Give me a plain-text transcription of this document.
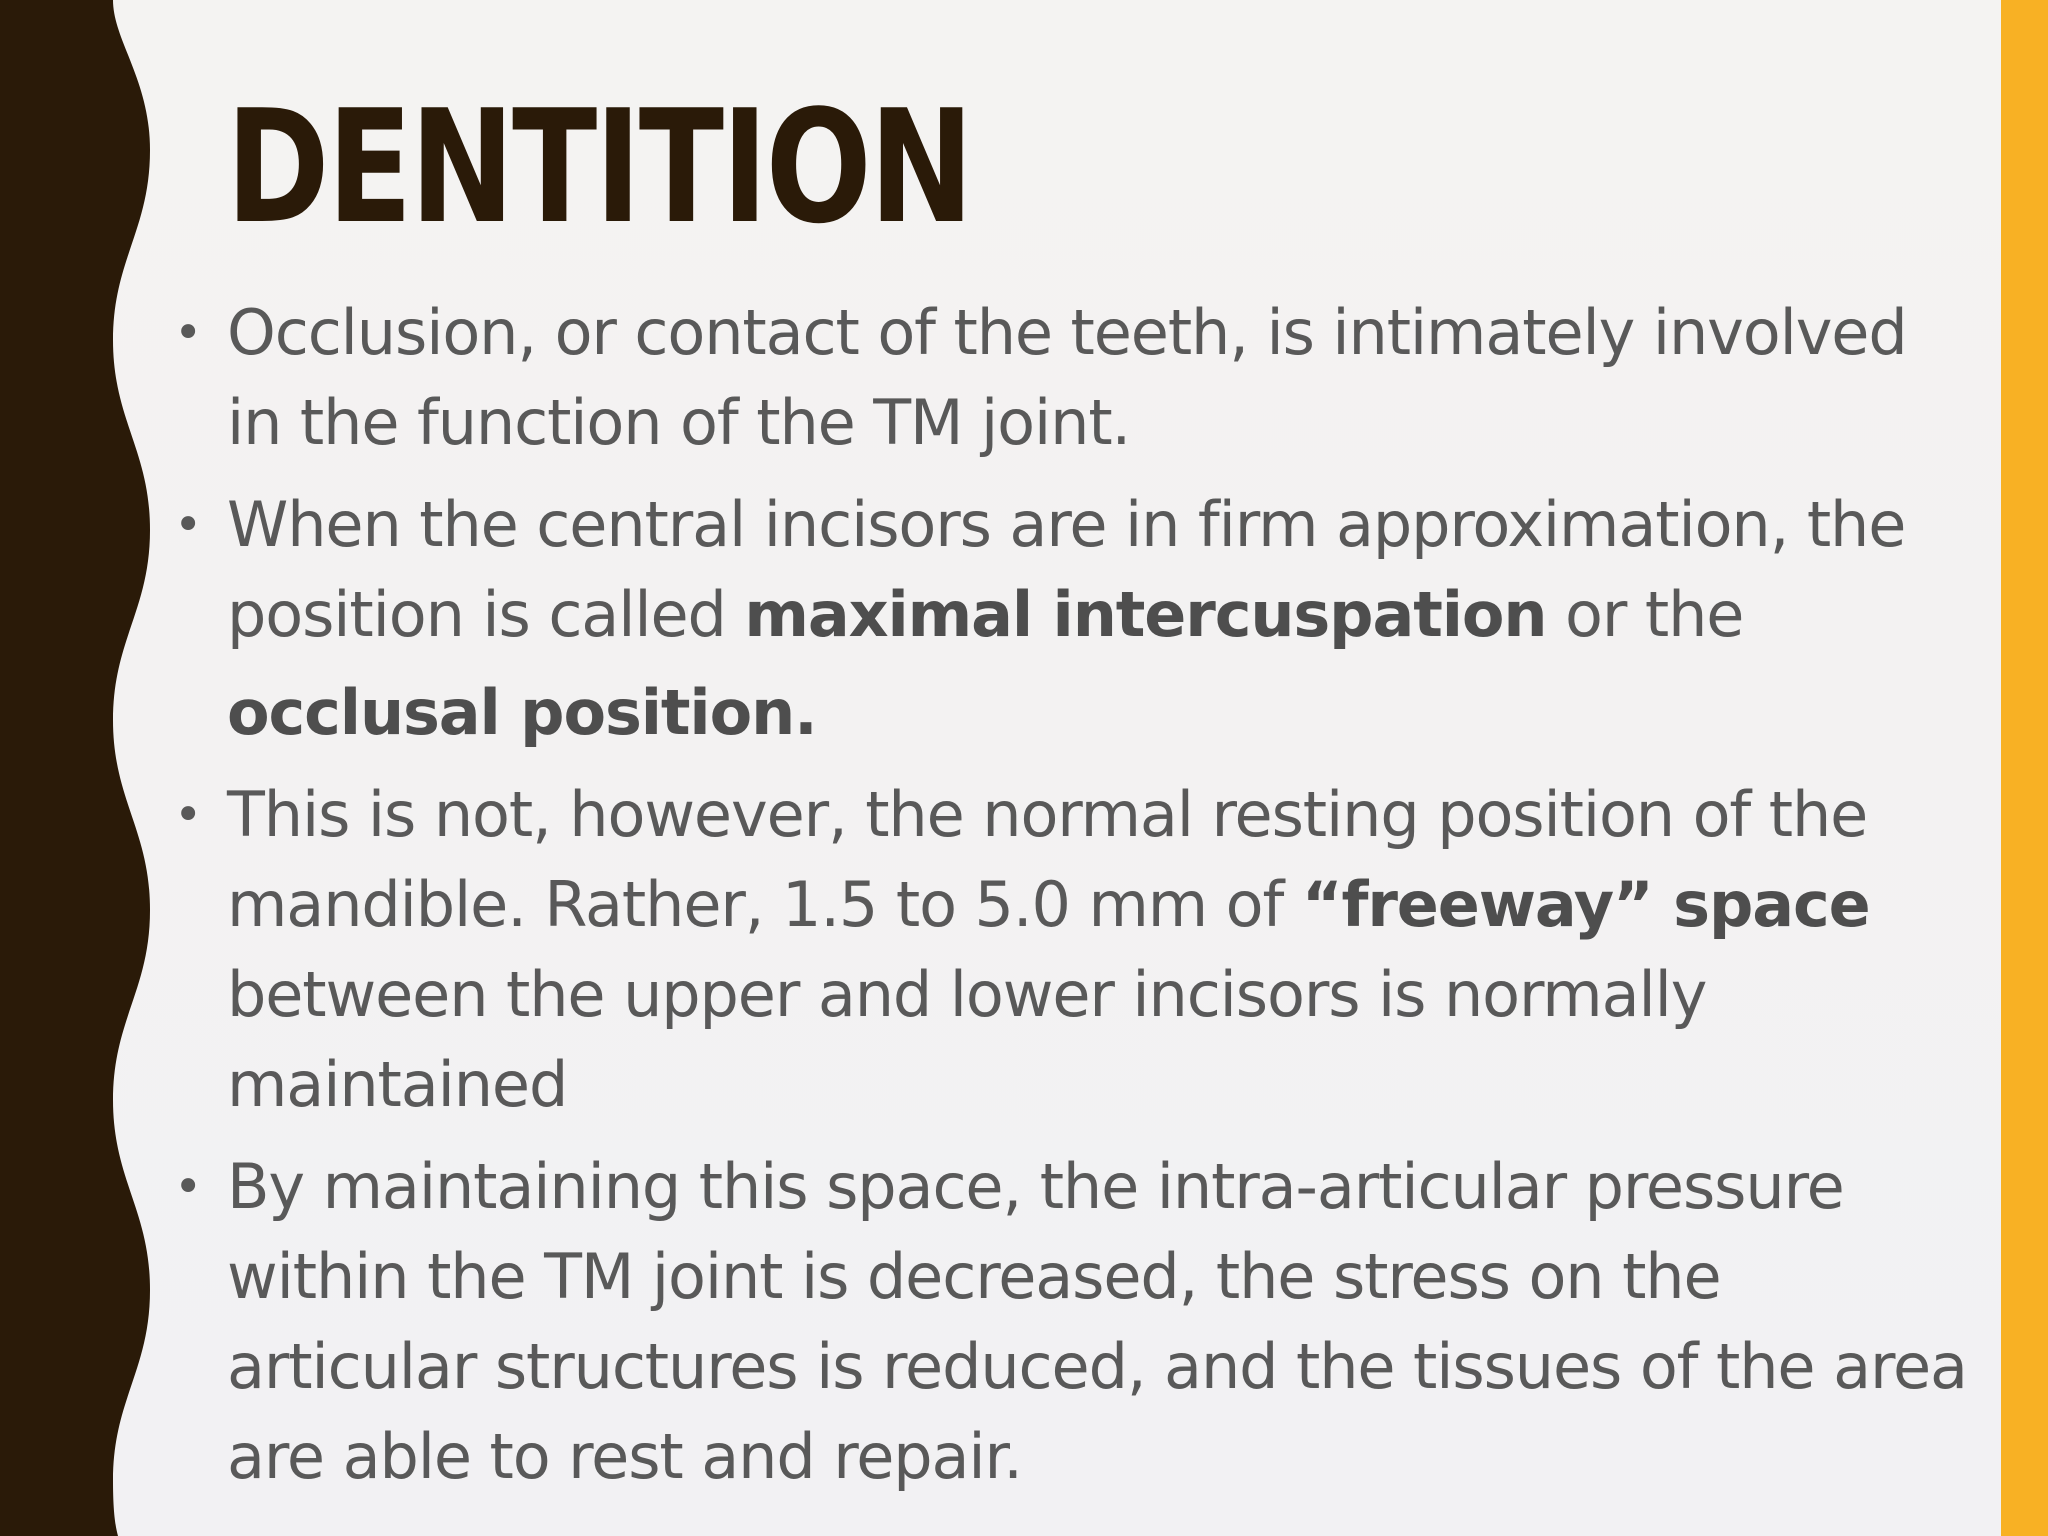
DENTITION
• Occlusion, or contact of the teeth, is intimately involved in the function of the TM joint.
• When the central incisors are in firm approximation, the position is called maximal intercuspation or the
occlusal position.
• This is not, however, the normal resting position of the mandible. Rather, 1.5 to 5.0 mm of “freeway” space between the upper and lower incisors is normally maintained
• By maintaining this space, the intra-articular pressure within the TM joint is decreased, the stress on the articular structures is reduced, and the tissues of the area are able to rest and repair.
